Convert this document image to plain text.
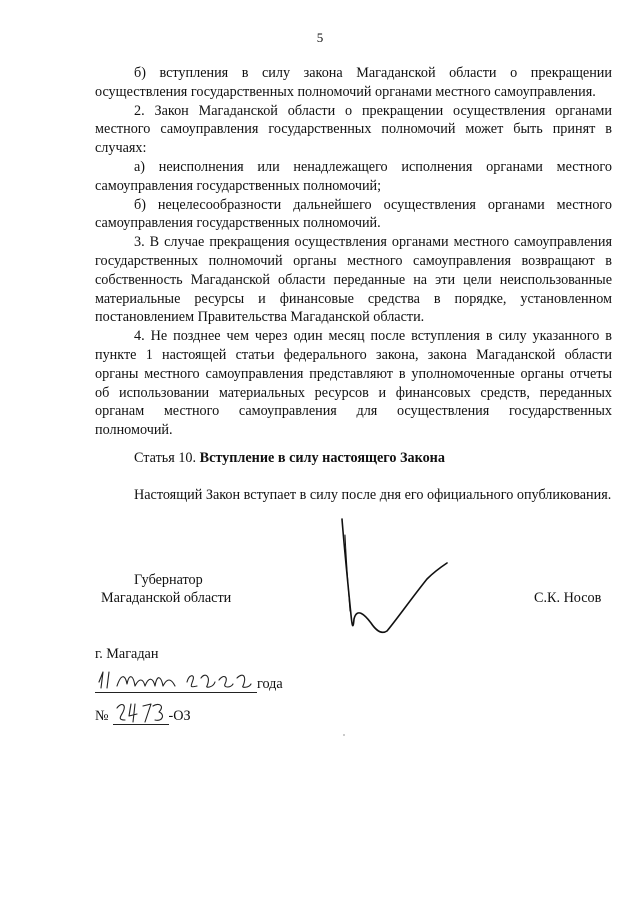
5

б) вступления в силу закона Магаданской области о прекращении осуществления государственных полномочий органами местного самоуправления.

2. Закон Магаданской области о прекращении осуществления органами местного самоуправления государственных полномочий может быть принят в случаях:

а) неисполнения или ненадлежащего исполнения органами местного самоуправления государственных полномочий;

б) нецелесообразности дальнейшего осуществления органами местного самоуправления государственных полномочий.

3. В случае прекращения осуществления органами местного самоуправления государственных полномочий органы местного самоуправления возвращают в собственность Магаданской области переданные на эти цели неиспользованные материальные ресурсы и финансовые средства в порядке, установленном постановлением Правительства Магаданской области.

4. Не позднее чем через один месяц после вступления в силу указанного в пункте 1 настоящей статьи федерального закона, закона Магаданской области органы местного самоуправления представляют в уполномоченные органы отчеты об использовании материальных ресурсов и финансовых средств, переданных органам местного самоуправления для осуществления государственных полномочий.

Статья 10. Вступление в силу настоящего Закона

Настоящий Закон вступает в силу после дня его официального опубликования.

Губернатор
Магаданской области	С.К. Носов
г. Магадан
года
№	-ОЗ
